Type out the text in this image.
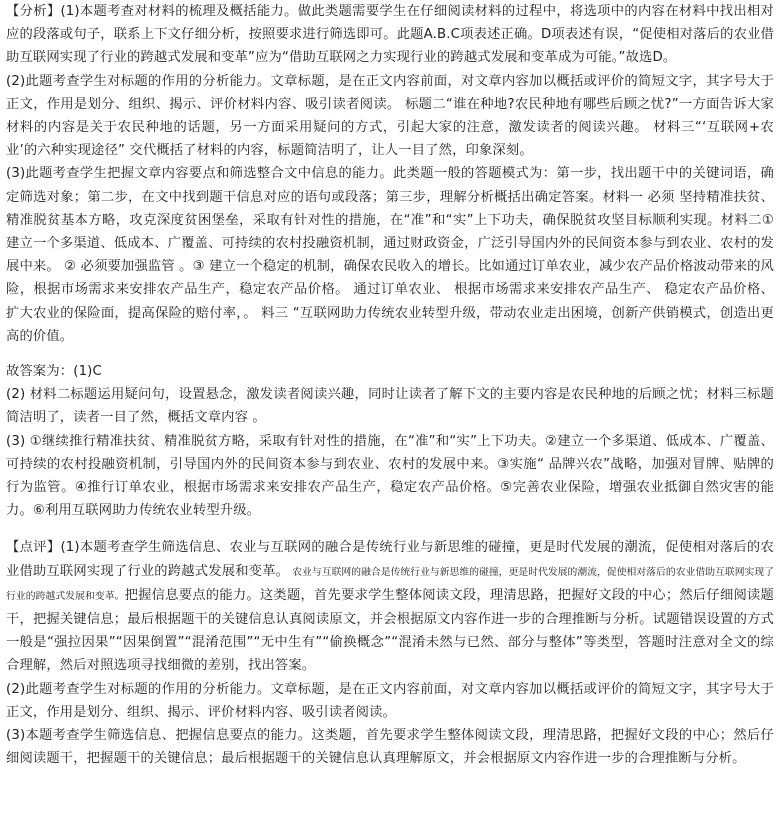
【分析】(1)本题考查对材料的梳理及概括能力。做此类题需要学生在仔细阅读材料的过程中，将选项中的内容在材料中找出相对应的段落或句子，联系上下文仔细分析，按照要求进行筛选即可。此题A.B.C项表述正确。D项表述有误，“促使相对落后的农业借助互联网实现了行业的跨越式发展和变革”应为“借助互联网之力实现行业的跨越式发展和变革成为可能。”故选D。

(2)此题考查学生对标题的作用的分析能力。文章标题，是在正文内容前面，对文章内容加以概括或评价的简短文字，其字号大于正文，作用是划分、组织、揭示、评价材料内容、吸引读者阅读。 标题二“谁在种地?农民种地有哪些后顾之忧?”一方面告诉大家材料的内容是关于农民种地的话题，另一方面采用疑问的方式，引起大家的注意，激发读者的阅读兴趣。 材料三“‘互联网+农业’的六种实现途径” 交代概括了材料的内容，标题简洁明了，让人一目了然，印象深刻。

(3)此题考查学生把握文章内容要点和筛选整合文中信息的能力。此类题一般的答题模式为：第一步，找出题干中的关键词语，确定筛选对象；第二步，在文中找到题干信息对应的语句或段落；第三步，理解分析概括出确定答案。材料一 必须 坚持精准扶贫、精准脱贫基本方略，攻克深度贫困堡垒，采取有针对性的措施，在“准”和“实”上下功夫，确保脱贫攻坚目标顺利实现。材料二① 建立一个多渠道、低成本、广覆盖、可持续的农村投融资机制，通过财政资金，广泛引导国内外的民间资本参与到农业、农村的发展中来。 ② 必须要加强监管 。③ 建立一个稳定的机制，确保农民收入的增长。比如通过订单农业，减少农产品价格波动带来的风险，根据市场需求来安排农产品生产，稳定农产品价格。 通过订单农业、 根据市场需求来安排农产品生产、 稳定农产品价格、 扩大农业的保险面，提高保险的赔付率，。 料三 “互联网助力传统农业转型升级，带动农业走出困境，创新产供销模式，创造出更高的价值。

故答案为：(1)C

(2) 材料二标题运用疑问句，设置悬念，激发读者阅读兴趣，同时让读者了解下文的主要内容是农民种地的后顾之忧；材料三标题简洁明了，读者一目了然，概括文章内容 。

(3) ①继续推行精准扶贫、精准脱贫方略，采取有针对性的措施，在“准”和“实”上下功夫。②建立一个多渠道、低成本、广覆盖、可持续的农村投融资机制，引导国内外的民间资本参与到农业、农村的发展中来。③实施“ 品牌兴农”战略，加强对冒牌、贴牌的行为监管。④推行订单农业，根据市场需求来安排农产品生产，稳定农产品价格。⑤完善农业保险，增强农业抵御自然灾害的能力。⑥利用互联网助力传统农业转型升级。

【点评】(1)本题考查学生筛选信息、农业与互联网的融合是传统行业与新思维的碰撞，更是时代发展的潮流，促使相对落后的农业借助互联网实现了行业的跨越式发展和变革。 农业与互联网的融合是传统行业与新思维的碰撞，更是时代发展的潮流，促使相对落后的农业借助互联网实现了行业的跨越式发展和变革。把握信息要点的能力。这类题，首先要求学生整体阅读文段，理清思路，把握好文段的中心；然后仔细阅读题干，把握关键信息；最后根据题干的关键信息认真阅读原文，并会根据原文内容作进一步的合理推断与分析。试题错误设置的方式一般是“强拉因果”“因果倒置”“混淆范围”“无中生有”“偷换概念”“混淆未然与已然、部分与整体”等类型，答题时注意对全文的综合理解，然后对照选项寻找细微的差别，找出答案。

(2)此题考查学生对标题的作用的分析能力。文章标题，是在正文内容前面，对文章内容加以概括或评价的简短文字，其字号大于正文，作用是划分、组织、揭示、评价材料内容、吸引读者阅读。

(3)本题考查学生筛选信息、把握信息要点的能力。这类题，首先要求学生整体阅读文段，理清思路，把握好文段的中心；然后仔细阅读题干，把握题干的关键信息；最后根据题干的关键信息认真理解原文，并会根据原文内容作进一步的合理推断与分析。
